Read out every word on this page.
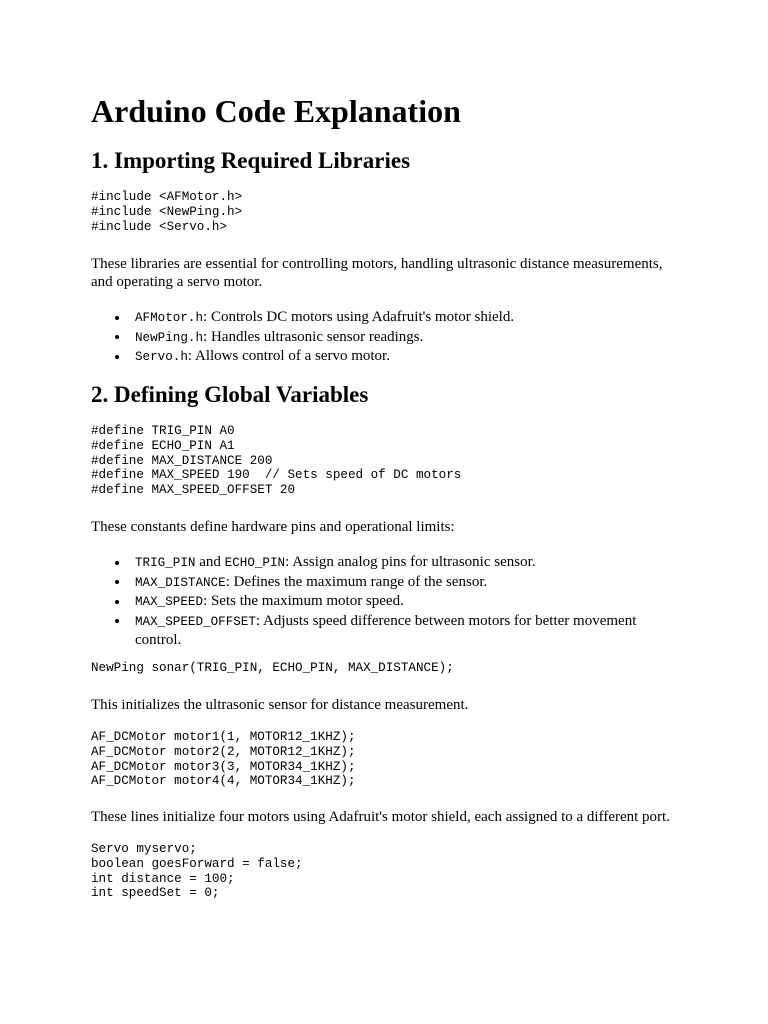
Arduino Code Explanation
1. Importing Required Libraries
#include <AFMotor.h>
#include <NewPing.h>
#include <Servo.h>

These libraries are essential for controlling motors, handling ultrasonic distance measurements, and operating a servo motor.

AFMotor.h: Controls DC motors using Adafruit's motor shield.
NewPing.h: Handles ultrasonic sensor readings.
Servo.h: Allows control of a servo motor.
2. Defining Global Variables
#define TRIG_PIN A0
#define ECHO_PIN A1
#define MAX_DISTANCE 200
#define MAX_SPEED 190  // Sets speed of DC motors
#define MAX_SPEED_OFFSET 20

These constants define hardware pins and operational limits:

TRIG_PIN and ECHO_PIN: Assign analog pins for ultrasonic sensor.
MAX_DISTANCE: Defines the maximum range of the sensor.
MAX_SPEED: Sets the maximum motor speed.
MAX_SPEED_OFFSET: Adjusts speed difference between motors for better movement control.
NewPing sonar(TRIG_PIN, ECHO_PIN, MAX_DISTANCE);

This initializes the ultrasonic sensor for distance measurement.

AF_DCMotor motor1(1, MOTOR12_1KHZ);
AF_DCMotor motor2(2, MOTOR12_1KHZ);
AF_DCMotor motor3(3, MOTOR34_1KHZ);
AF_DCMotor motor4(4, MOTOR34_1KHZ);

These lines initialize four motors using Adafruit's motor shield, each assigned to a different port.

Servo myservo;
boolean goesForward = false;
int distance = 100;
int speedSet = 0;
